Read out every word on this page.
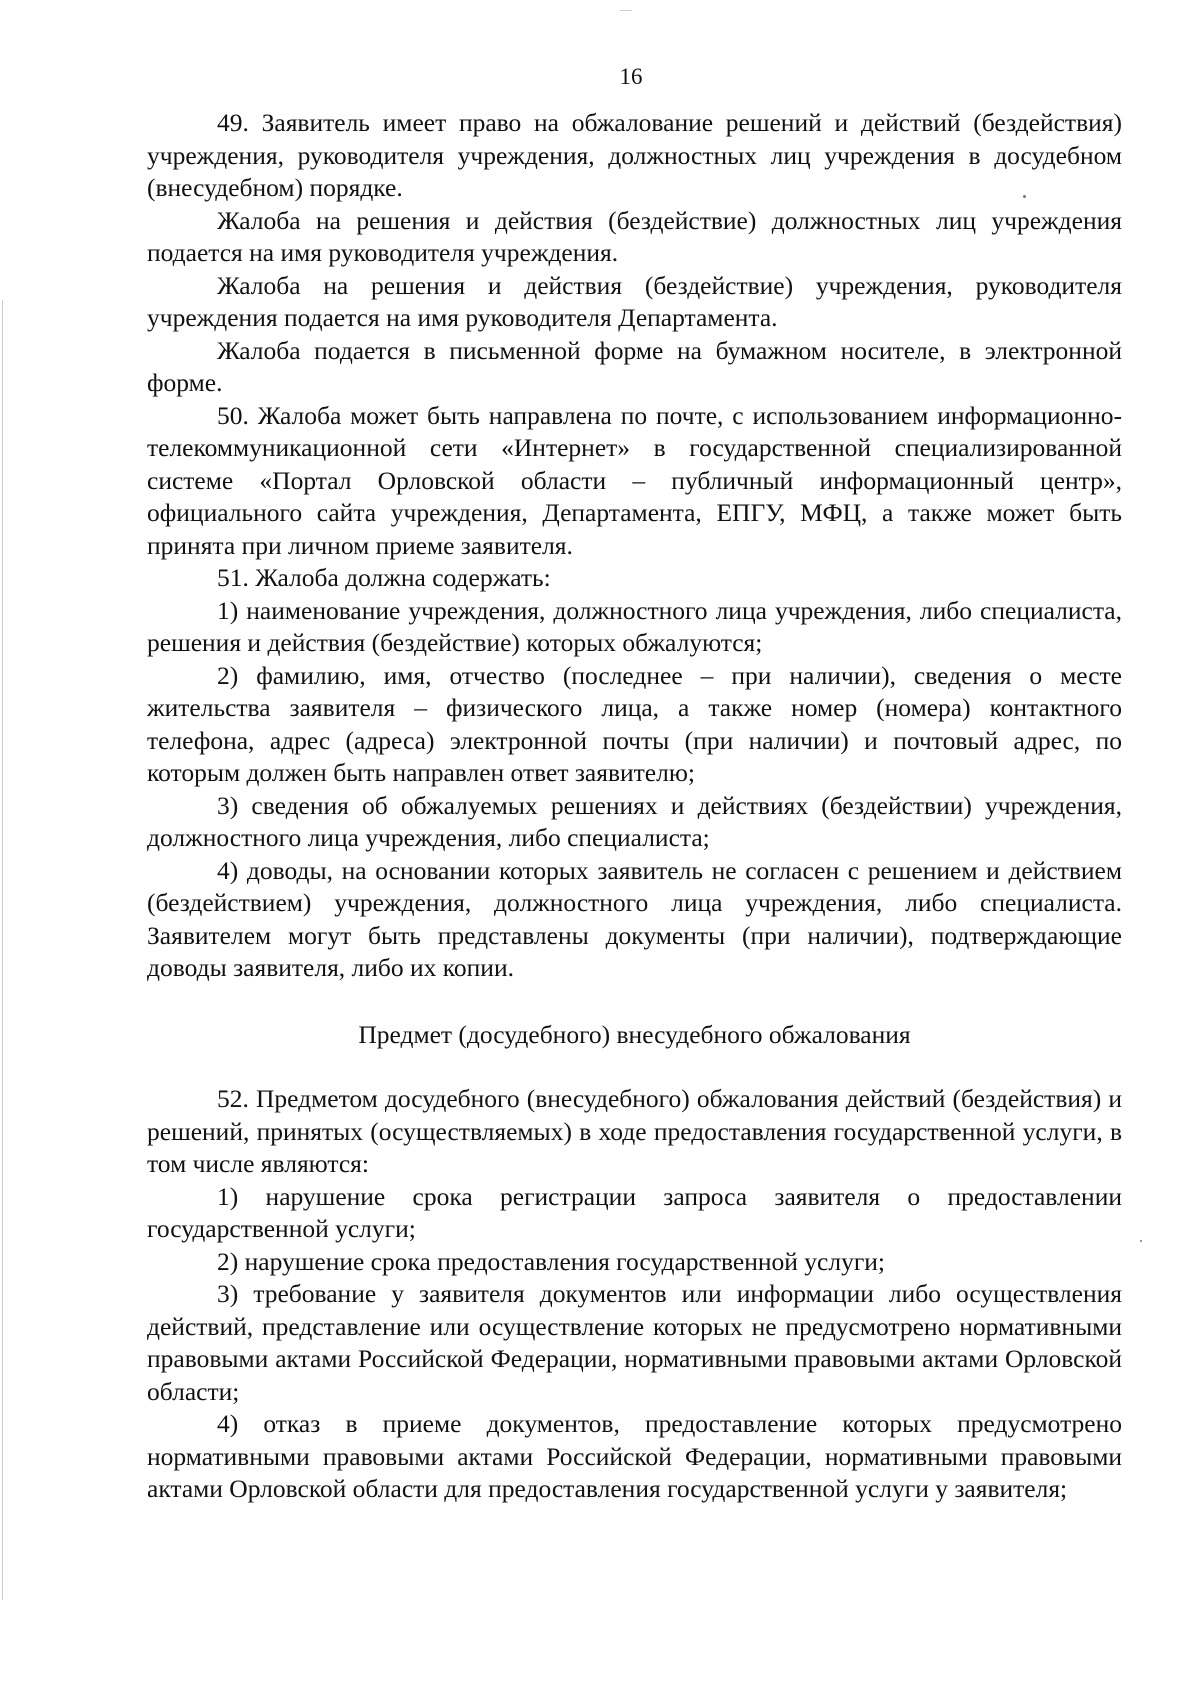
16

49. Заявитель имеет право на обжалование решений и действий (бездействия) учреждения, руководителя учреждения, должностных лиц учреждения в досудебном (внесудебном) порядке.

Жалоба на решения и действия (бездействие) должностных лиц учреждения подается на имя руководителя учреждения.

Жалоба на решения и действия (бездействие) учреждения, руководителя учреждения подается на имя руководителя Департамента.

Жалоба подается в письменной форме на бумажном носителе, в электронной форме.

50. Жалоба может быть направлена по почте, с использованием информационно-телекоммуникационной сети «Интернет» в государственной специализированной системе «Портал Орловской области – публичный информационный центр», официального сайта учреждения, Департамента, ЕПГУ, МФЦ, а также может быть принята при личном приеме заявителя.

51. Жалоба должна содержать:

1) наименование учреждения, должностного лица учреждения, либо специалиста, решения и действия (бездействие) которых обжалуются;

2) фамилию, имя, отчество (последнее – при наличии), сведения о месте жительства заявителя – физического лица, а также номер (номера) контактного телефона, адрес (адреса) электронной почты (при наличии) и почтовый адрес, по которым должен быть направлен ответ заявителю;

3) сведения об обжалуемых решениях и действиях (бездействии) учреждения, должностного лица учреждения, либо специалиста;

4) доводы, на основании которых заявитель не согласен с решением и действием (бездействием) учреждения, должностного лица учреждения, либо специалиста. Заявителем могут быть представлены документы (при наличии), подтверждающие доводы заявителя, либо их копии.

Предмет (досудебного) внесудебного обжалования

52. Предметом досудебного (внесудебного) обжалования действий (бездействия) и решений, принятых (осуществляемых) в ходе предоставления государственной услуги, в том числе являются:

1) нарушение срока регистрации запроса заявителя о предоставлении государственной услуги;

2) нарушение срока предоставления государственной услуги;

3) требование у заявителя документов или информации либо осуществления действий, представление или осуществление которых не предусмотрено нормативными правовыми актами Российской Федерации, нормативными правовыми актами Орловской области;

4) отказ в приеме документов, предоставление которых предусмотрено нормативными правовыми актами Российской Федерации, нормативными правовыми актами Орловской области для предоставления государственной услуги у заявителя;
